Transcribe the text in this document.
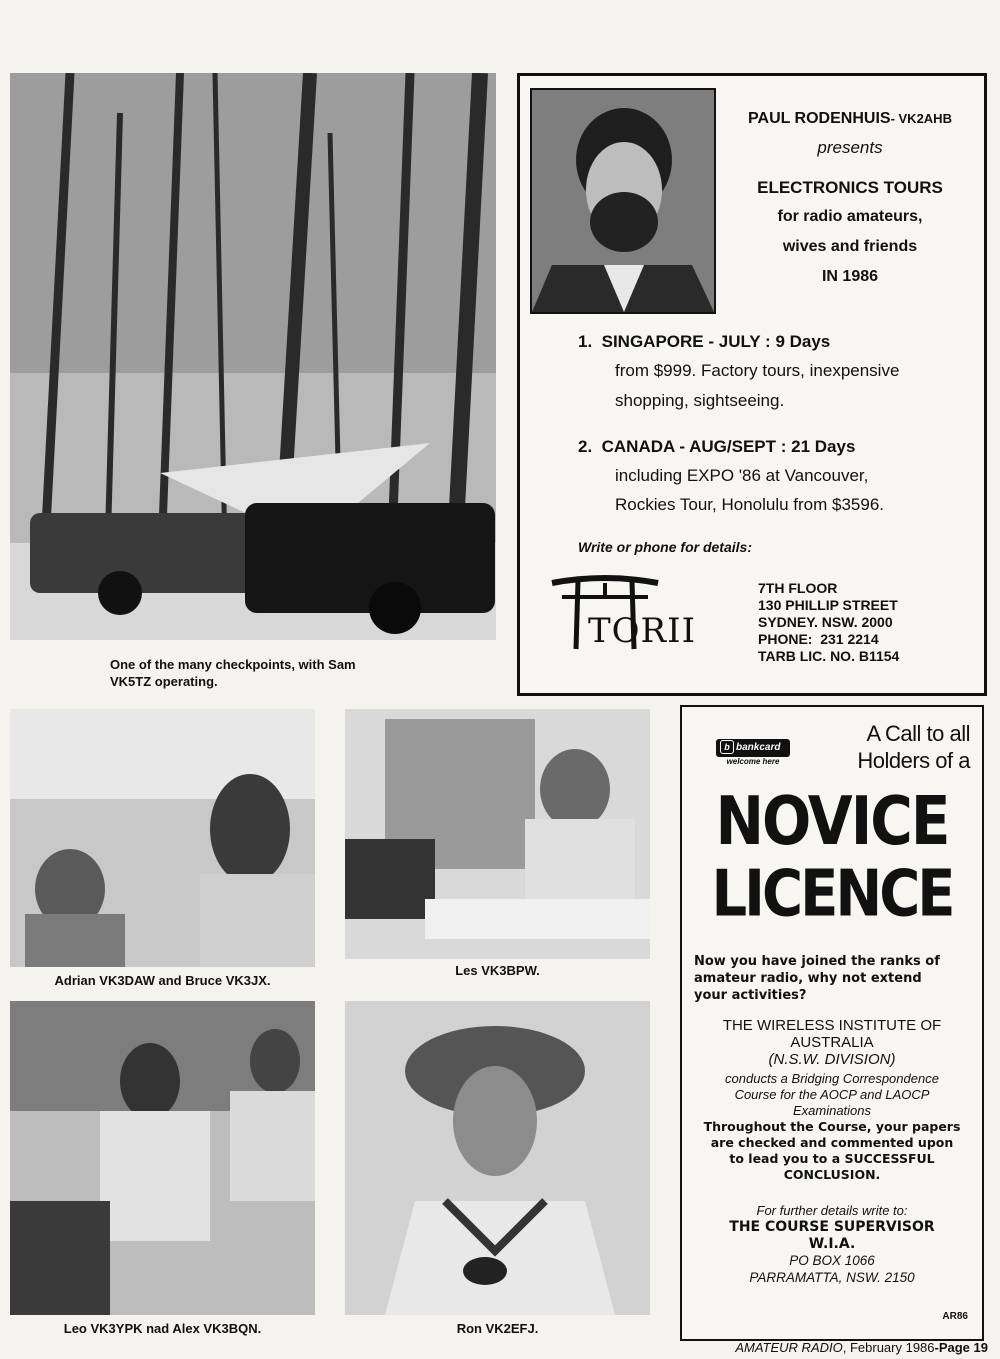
One of the many checkpoints, with Sam
VK5TZ operating.
Adrian VK3DAW and Bruce VK3JX.
Les VK3BPW.
Leo VK3YPK nad Alex VK3BQN.	Ron VK2EFJ.
PAUL RODENHUIS- VK2AHB
presents
ELECTRONICS TOURS
for radio amateurs,
wives and friends
IN 1986
1.  SINGAPORE - JULY : 9 Days
from $999. Factory tours, inexpensive
shopping, sightseeing.
2.  CANADA - AUG/SEPT : 21 Days
including EXPO '86 at Vancouver,
Rockies Tour, Honolulu from $3596.
Write or phone for details:
TORII
7TH FLOOR
130 PHILLIP STREET
SYDNEY. NSW. 2000
PHONE:  231 2214
TARB LIC. NO. B1154
b bankcard
welcome here
A Call to all
Holders of a
NOVICE
LICENCE
Now you have joined the ranks of
amateur radio, why not extend
your activities?
THE WIRELESS INSTITUTE OF
AUSTRALIA
(N.S.W. DIVISION)
conducts a Bridging Correspondence
Course for the AOCP and LAOCP
Examinations
Throughout the Course, your papers
are checked and commented upon
to lead you to a SUCCESSFUL
CONCLUSION.
For further details write to:
THE COURSE SUPERVISOR
W.I.A.
PO BOX 1066
PARRAMATTA, NSW. 2150
AR86
AMATEUR RADIO, February 1986-Page 19
